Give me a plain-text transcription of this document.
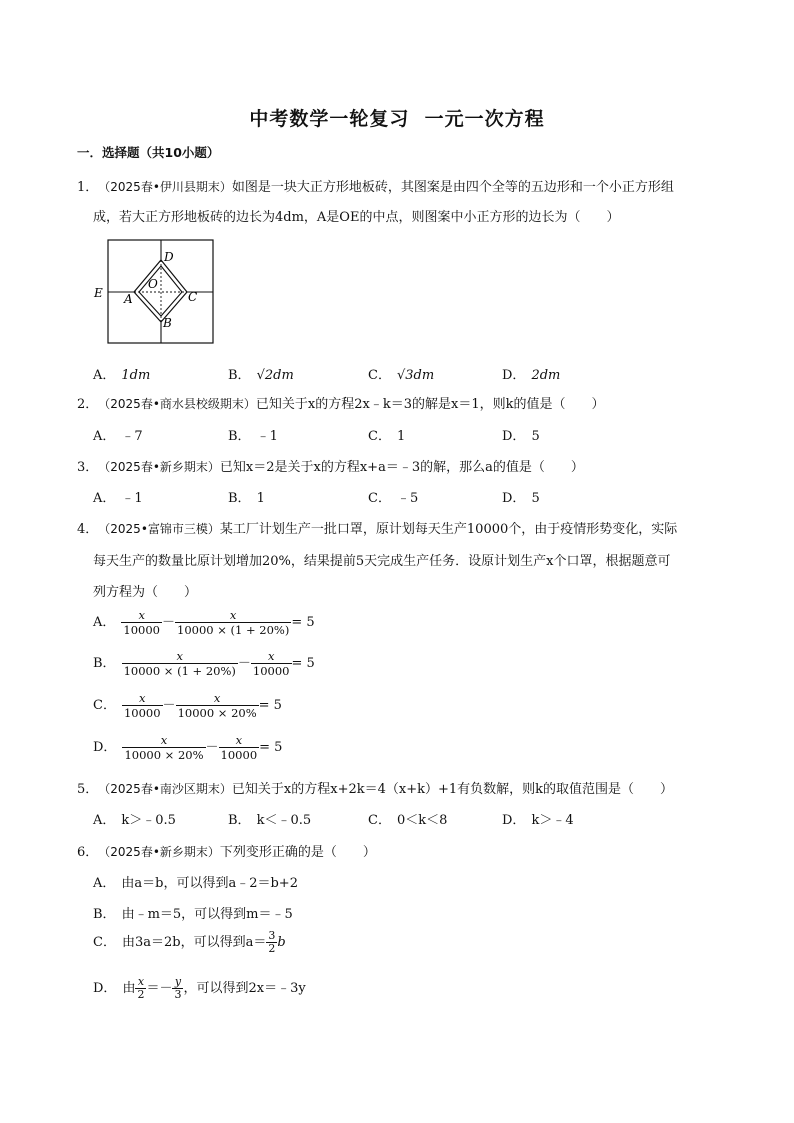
中考数学一轮复习  一元一次方程
一．选择题（共10小题）
1．（2025春•伊川县期末）如图是一块大正方形地板砖，其图案是由四个全等的五边形和一个小正方形组
成，若大正方形地板砖的边长为4dm，A是OE的中点，则图案中小正方形的边长为（　　）
D
O
E A	C
B
A． 1dm	B． √2dm	C． √3dm	D． 2dm
2．（2025春•商水县校级期末）已知关于x的方程2x﹣k＝3的解是x＝1，则k的值是（　　）
A． ﹣7	B． ﹣1	C． 1	D． 5
3．（2025春•新乡期末）已知x＝2是关于x的方程x+a＝﹣3的解，那么a的值是（　　）
A． ﹣1	B． 1	C． ﹣5	D． 5
4．（2025•富锦市三模）某工厂计划生产一批口罩，原计划每天生产10000个，由于疫情形势变化，实际
每天生产的数量比原计划增加20%，结果提前5天完成生产任务．设原计划生产x个口罩，根据题意可
列方程为（　　）
A． $\frac{x}{10000} - \frac{x}{10000 \times (1 + 20\%)} = 5$
B． $\frac{x}{10000 \times (1 + 20\%)} - \frac{x}{10000} = 5$
C． $\frac{x}{10000} - \frac{x}{10000 \times 20\%} = 5$
D． $\frac{x}{10000 \times 20\%} - \frac{x}{10000} = 5$
5．（2025春•南沙区期末）已知关于x的方程x+2k＝4（x+k）+1有负数解，则k的取值范围是（　　）
A． k＞﹣0.5	B． k＜﹣0.5	C． 0＜k＜8	D． k＞﹣4
6．（2025春•新乡期末）下列变形正确的是（　　）
A． 由a＝b，可以得到a﹣2＝b+2
B． 由﹣m＝5，可以得到m＝﹣5
C． 由3a＝2b，可以得到$a= \frac{3}{2}$ b
D． 由 $\frac{x}{2} =- \frac{y}{3}$ ，可以得到2x＝﹣3y
